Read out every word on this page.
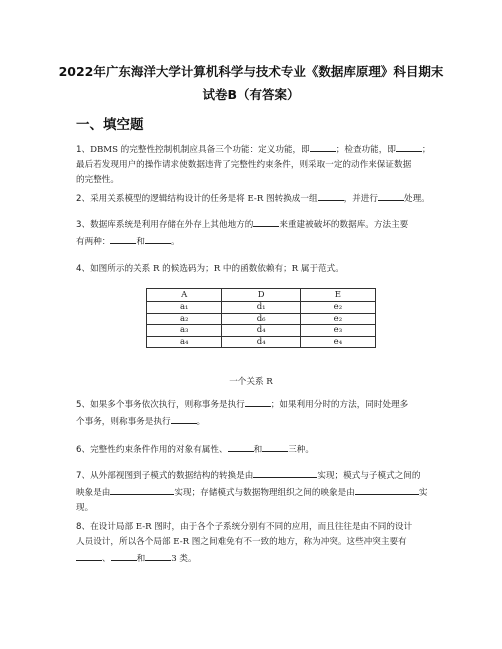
2022年广东海洋大学计算机科学与技术专业《数据库原理》科目期末
试卷B（有答案）
一、填空题
1、DBMS 的完整性控制机制应具备三个功能：定义功能，即	；检查功能，即	；
最后若发现用户的操作请求使数据违背了完整性约束条件，则采取一定的动作来保证数据
的完整性。
2、采用关系模型的逻辑结构设计的任务是将 E-R 图转换成一组	，并进行	处理。
3、数据库系统是利用存储在外存上其他地方的	来重建被破坏的数据库。方法主要
有两种：	和	。
4、如图所示的关系 R 的候选码为；R 中的函数依赖有；R 属于范式。
A	D	E
a₁	d₁	e₂
a₂	d₆	e₂
a₃	d₄	e₃
a₄	d₄	e₄
一个关系 R
5、如果多个事务依次执行，则称事务是执行	；如果利用分时的方法，同时处理多
个事务，则称事务是执行	。
6、完整性约束条件作用的对象有属性、	和	三种。
7、从外部视图到子模式的数据结构的转换是由	实现；模式与子模式之间的
映象是由	实现；存储模式与数据物理组织之间的映象是由	实
现。
8、在设计局部 E-R 图时，由于各个子系统分别有不同的应用，而且往往是由不同的设计
人员设计，所以各个局部 E-R 图之间难免有不一致的地方，称为冲突。这些冲突主要有
、	和	3 类。
